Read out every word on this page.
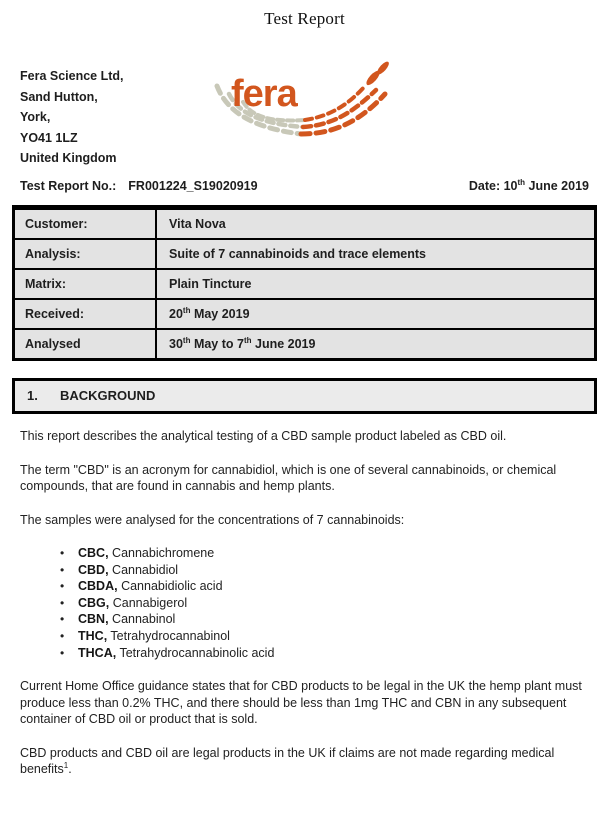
Test Report
Fera Science Ltd,
Sand Hutton,
York,
YO41 1LZ
United Kingdom
fera
Test Report No.: FR001224_S19020919	Date: 10th June 2019
Customer:	Vita Nova
Analysis:	Suite of 7 cannabinoids and trace elements
Matrix:	Plain Tincture
Received:	20th May 2019
Analysed	30th May to 7th June 2019
1.	BACKGROUND

This report describes the analytical testing of a CBD sample product labeled as CBD oil.

The term "CBD" is an acronym for cannabidiol, which is one of several cannabinoids, or chemical compounds, that are found in cannabis and hemp plants.

The samples were analysed for the concentrations of 7 cannabinoids:

•	CBC, Cannabichromene
•	CBD, Cannabidiol
•	CBDA, Cannabidiolic acid
•	CBG, Cannabigerol
•	CBN, Cannabinol
•	THC, Tetrahydrocannabinol
•	THCA, Tetrahydrocannabinolic acid

Current Home Office guidance states that for CBD products to be legal in the UK the hemp plant must produce less than 0.2% THC, and there should be less than 1mg THC and CBN in any subsequent container of CBD oil or product that is sold.

CBD products and CBD oil are legal products in the UK if claims are not made regarding medical benefits$^1$.
